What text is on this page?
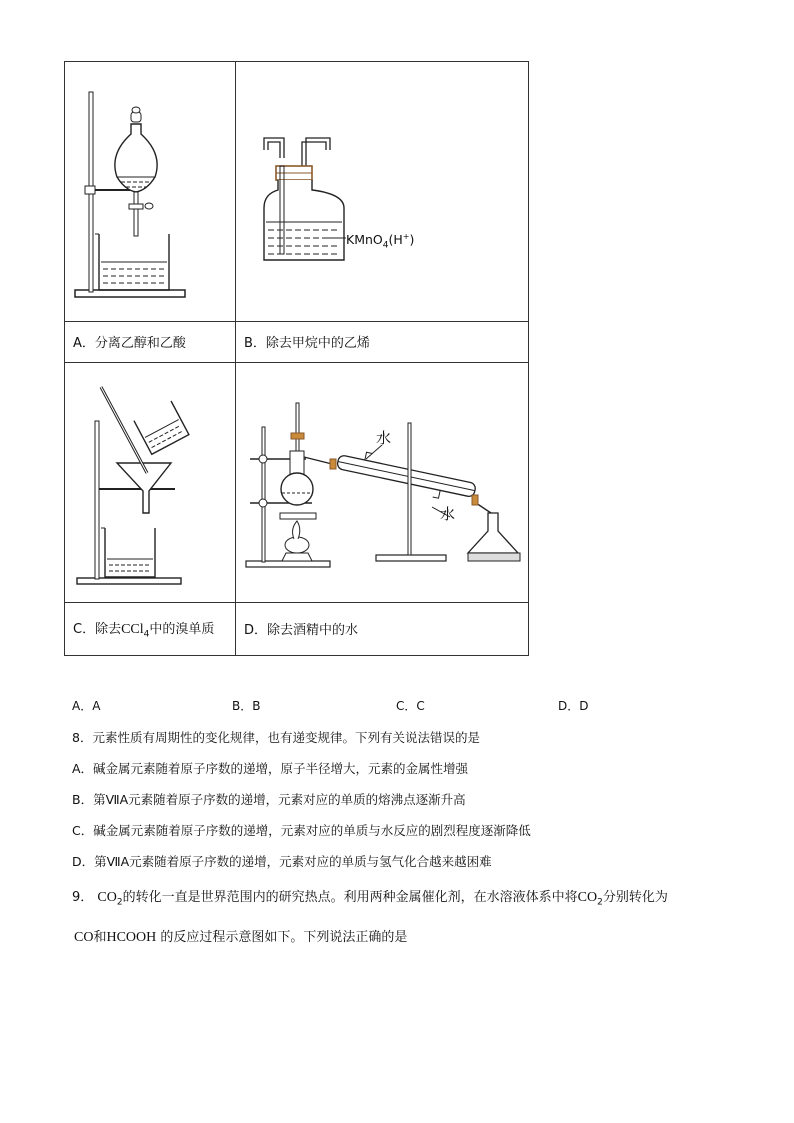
KMnO$_4$(H+)

A．分离乙醇和乙酸	B．除去甲烷中的乙烯

水
水

C．除去CCl$_4$中的溴单质	D．除去酒精中的水
A．A	B．B	C．C	D．D
8．元素性质有周期性的变化规律，也有递变规律。下列有关说法错误的是
A．碱金属元素随着原子序数的递增，原子半径增大，元素的金属性增强
B．第ⅦA元素随着原子序数的递增，元素对应的单质的熔沸点逐渐升高
C．碱金属元素随着原子序数的递增，元素对应的单质与水反应的剧烈程度逐渐降低
D．第ⅦA元素随着原子序数的递增，元素对应的单质与氢气化合越来越困难
9． $CO_2$的转化一直是世界范围内的研究热点。利用两种金属催化剂，在水溶液体系中将$CO_2$分别转化为
CO和HCOOH 的反应过程示意图如下。下列说法正确的是
